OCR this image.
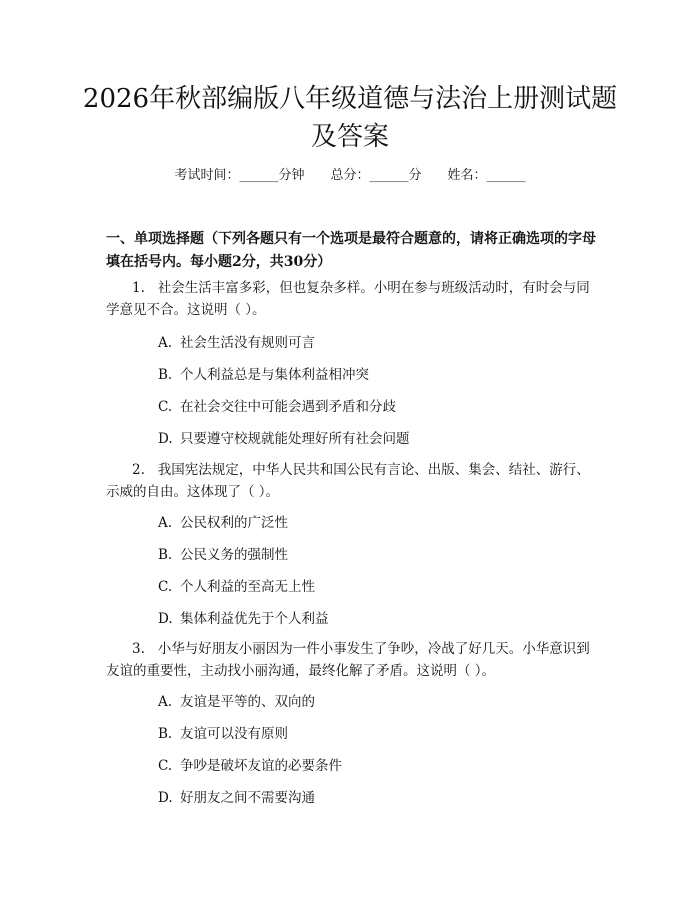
2026年秋部编版八年级道德与法治上册测试题及答案
考试时间：______分钟 总分：______分 姓名：______

一、单项选择题（下列各题只有一个选项是最符合题意的，请将正确选项的字母填在括号内。每小题2分，共30分）

1. 社会生活丰富多彩，但也复杂多样。小明在参与班级活动时，有时会与同学意见不合。这说明（ ）。

A. 社会生活没有规则可言

B. 个人利益总是与集体利益相冲突

C. 在社会交往中可能会遇到矛盾和分歧

D. 只要遵守校规就能处理好所有社会问题

2. 我国宪法规定，中华人民共和国公民有言论、出版、集会、结社、游行、示威的自由。这体现了（ ）。

A. 公民权利的广泛性

B. 公民义务的强制性

C. 个人利益的至高无上性

D. 集体利益优先于个人利益

3. 小华与好朋友小丽因为一件小事发生了争吵，冷战了好几天。小华意识到友谊的重要性，主动找小丽沟通，最终化解了矛盾。这说明（ ）。

A. 友谊是平等的、双向的

B. 友谊可以没有原则

C. 争吵是破坏友谊的必要条件

D. 好朋友之间不需要沟通
